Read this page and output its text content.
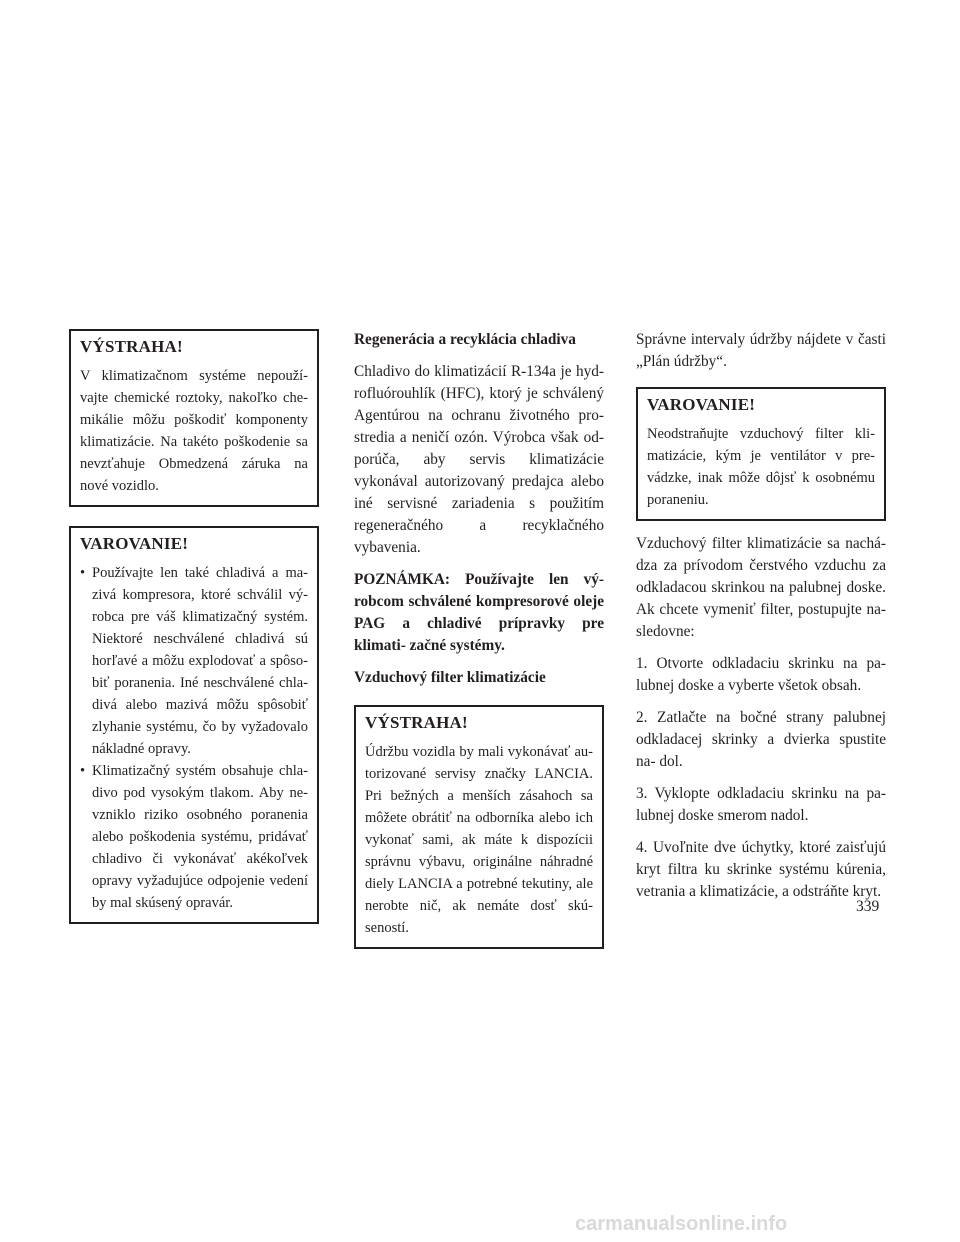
VÝSTRAHA!

V klimatizačnom systéme nepouží- vajte chemické roztoky, nakoľko che- mikálie môžu poškodiť komponenty klimatizácie. Na takéto poškodenie sa nevzťahuje Obmedzená záruka na nové vozidlo.

VAROVANIE!
• Používajte len také chladivá a ma- zivá kompresora, ktoré schválil vý- robca pre váš klimatizačný systém. Niektoré neschválené chladivá sú horľavé a môžu explodovať a spôso- biť poranenia. Iné neschválené chla- divá alebo mazivá môžu spôsobiť zlyhanie systému, čo by vyžadovalo nákladné opravy.
• Klimatizačný systém obsahuje chla- divo pod vysokým tlakom. Aby ne- vzniklo riziko osobného poranenia alebo poškodenia systému, pridávať chladivo či vykonávať akékoľvek opravy vyžadujúce odpojenie vedení by mal skúsený opravár.

Regenerácia a recyklácia chladiva

Chladivo do klimatizácií R-134a je hyd- rofluórouhlík (HFC), ktorý je schválený Agentúrou na ochranu životného pro- stredia a neničí ozón. Výrobca však od- porúča, aby servis klimatizácie vykonával autorizovaný predajca alebo iné servisné zariadenia s použitím regeneračného a recyklačného vybavenia.

POZNÁMKA: Používajte len vý- robcom schválené kompresorové oleje PAG a chladivé prípravky pre klimati- začné systémy.

Vzduchový filter klimatizácie

VÝSTRAHA!

Údržbu vozidla by mali vykonávať au- torizované servisy značky LANCIA. Pri bežných a menších zásahoch sa môžete obrátiť na odborníka alebo ich vykonať sami, ak máte k dispozícii správnu výbavu, originálne náhradné diely LANCIA a potrebné tekutiny, ale nerobte nič, ak nemáte dosť skú- seností.

Správne intervaly údržby nájdete v časti „Plán údržby“.

VAROVANIE!

Neodstraňujte vzduchový filter kli- matizácie, kým je ventilátor v pre- vádzke, inak môže dôjsť k osobnému poraneniu.

Vzduchový filter klimatizácie sa nachá- dza za prívodom čerstvého vzduchu za odkladacou skrinkou na palubnej doske. Ak chcete vymeniť filter, postupujte na- sledovne:

1. Otvorte odkladaciu skrinku na pa- lubnej doske a vyberte všetok obsah.

2. Zatlačte na bočné strany palubnej odkladacej skrinky a dvierka spustite na- dol.

3. Vyklopte odkladaciu skrinku na pa- lubnej doske smerom nadol.

4. Uvoľnite dve úchytky, ktoré zaisťujú kryt filtra ku skrinke systému kúrenia, vetrania a klimatizácie, a odstráňte kryt.

339
carmanualsonline.info
